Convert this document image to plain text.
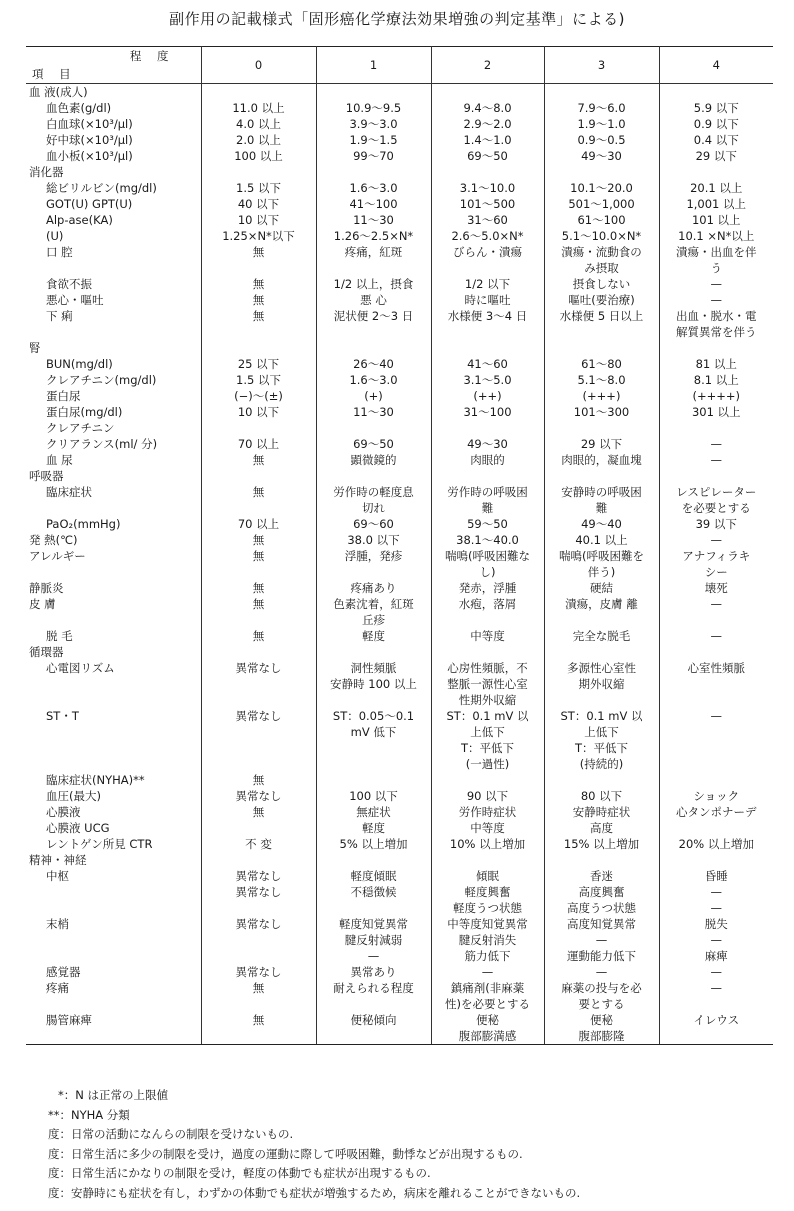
副作用の記載様式「固形癌化学療法効果増強の判定基準」による)
程 度
項 目	0	1	2	3	4
血 液(成人)					
血色素(g/dl)	11.0 以上	10.9〜9.5	9.4〜8.0	7.9〜6.0	5.9 以下
白血球(×10³/μl)	4.0 以上	3.9〜3.0	2.9〜2.0	1.9〜1.0	0.9 以下
好中球(×10³/μl)	2.0 以上	1.9〜1.5	1.4〜1.0	0.9〜0.5	0.4 以下
血小板(×10³/μl)	100 以上	99〜70	69〜50	49〜30	29 以下
消化器					
総ビリルビン(mg/dl)	1.5 以下	1.6〜3.0	3.1〜10.0	10.1〜20.0	20.1 以上
GOT(U) GPT(U)	40 以下	41〜100	101〜500	501〜1,000	1,001 以上
Alp-ase(KA)	10 以下	11〜30	31〜60	61〜100	101 以上
(U)	1.25×N*以下	1.26〜2.5×N*	2.6〜5.0×N*	5.1〜10.0×N*	10.1 ×N*以上
口 腔	無	疼痛，紅斑	びらん・潰瘍	潰瘍・流動食の	潰瘍・出血を伴
				み摂取	う
食欲不振	無	1/2 以上，摂食	1/2 以下	摂食しない	—
悪心・嘔吐	無	悪 心	時に嘔吐	嘔吐(要治療)	—
下 痢	無	泥状便 2〜3 日	水様便 3〜4 日	水様便 5 日以上	出血・脱水・電
					解質異常を伴う
腎					
BUN(mg/dl)	25 以下	26〜40	41〜60	61〜80	81 以上
クレアチニン(mg/dl)	1.5 以下	1.6〜3.0	3.1〜5.0	5.1〜8.0	8.1 以上
蛋白尿	(−)〜(±)	(+)	(++)	(+++)	(++++)
蛋白尿(mg/dl)	10 以下	11〜30	31〜100	101〜300	301 以上
クレアチニン					
クリアランス(ml/ 分)	70 以上	69〜50	49〜30	29 以下	—
血 尿	無	顕微鏡的	肉眼的	肉眼的，凝血塊	—
呼吸器					
臨床症状	無	労作時の軽度息	労作時の呼吸困	安静時の呼吸困	レスピレーター
		切れ	難	難	を必要とする
PaO₂(mmHg)	70 以上	69〜60	59〜50	49〜40	39 以下
発 熱(℃)	無	38.0 以下	38.1〜40.0	40.1 以上	—
アレルギー	無	浮腫，発疹	喘鳴(呼吸困難な	喘鳴(呼吸困難を	アナフィラキ
			し)	伴う)	シー
静脈炎	無	疼痛あり	発赤，浮腫	硬結	壊死
皮 膚	無	色素沈着，紅斑	水疱，落屑	潰瘍，皮膚 離	—
		丘疹			
脱 毛	無	軽度	中等度	完全な脱毛	—
循環器					
心電図リズム	異常なし	洞性頻脈	心房性頻脈，不	多源性心室性	心室性頻脈
		安静時 100 以上	整脈一源性心室	期外収縮	
			性期外収縮		
ST・T	異常なし	ST：0.05〜0.1	ST：0.1 mV 以	ST：0.1 mV 以	—
		mV 低下	上低下	上低下	
			T：平低下	T：平低下	
			(一過性)	(持続的)	
臨床症状(NYHA)**	無				
血圧(最大)	異常なし	100 以下	90 以下	80 以下	ショック
心膜液	無	無症状	労作時症状	安静時症状	心タンポナーデ
心膜液 UCG		軽度	中等度	高度	
レントゲン所見 CTR	不 変	5% 以上増加	10% 以上増加	15% 以上増加	20% 以上増加
精神・神経					
中枢	異常なし	軽度傾眠	傾眠	香迷	昏睡
	異常なし	不穏徴候	軽度興奮	高度興奮	—
			軽度うつ状態	高度うつ状態	—
末梢	異常なし	軽度知覚異常	中等度知覚異常	高度知覚異常	脱失
		腱反射減弱	腱反射消失	—	—
		—	筋力低下	運動能力低下	麻痺
感覚器	異常なし	異常あり	—	—	—
疼痛	無	耐えられる程度	鎮痛剤(非麻薬	麻薬の投与を必	—
			性)を必要とする	要とする	
腸管麻痺	無	便秘傾向	便秘	便秘	イレウス
			腹部膨満感	腹部膨隆	
*：N は正常の上限値
**：NYHA 分類
度：日常の活動になんらの制限を受けないもの.
度：日常生活に多少の制限を受け，過度の運動に際して呼吸困難，動悸などが出現するもの.
度：日常生活にかなりの制限を受け，軽度の体動でも症状が出現するもの.
度：安静時にも症状を有し，わずかの体動でも症状が増強するため，病床を離れることができないもの.
